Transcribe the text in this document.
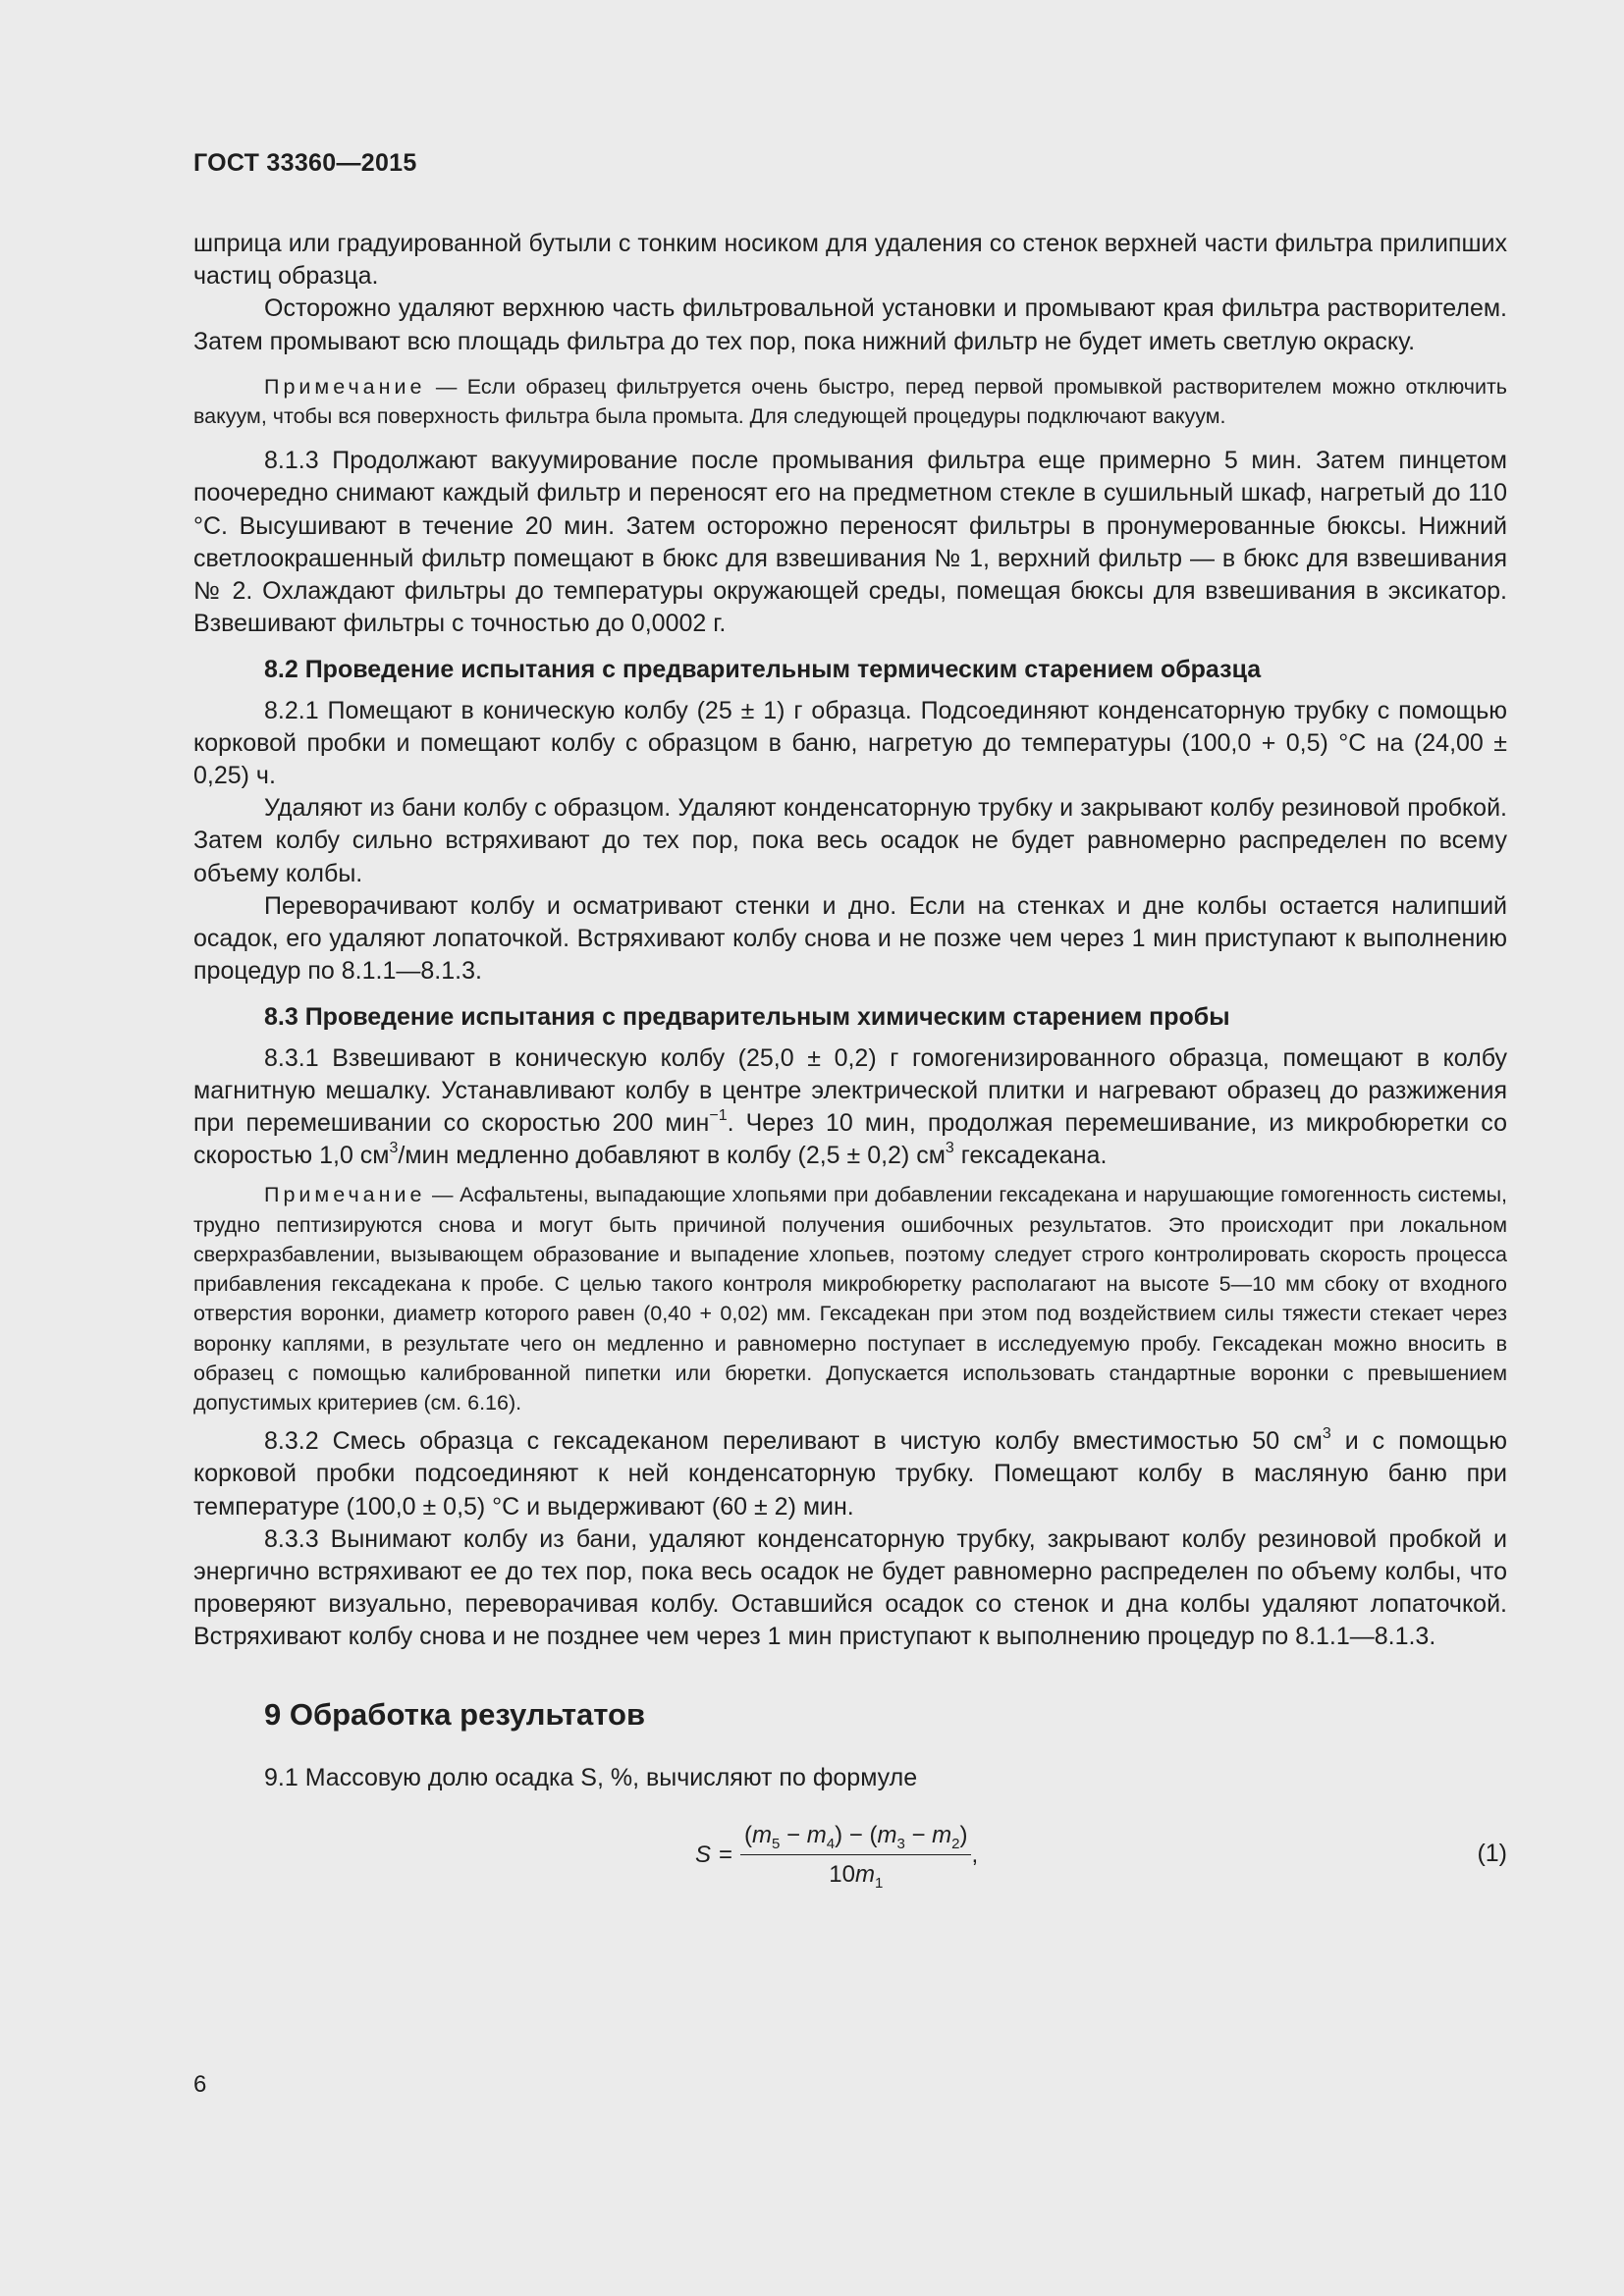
ГОСТ 33360—2015

шприца или градуированной бутыли с тонким носиком для удаления со стенок верхней части фильтра прилипших частиц образца.

Осторожно удаляют верхнюю часть фильтровальной установки и промывают края фильтра растворителем. Затем промывают всю площадь фильтра до тех пор, пока нижний фильтр не будет иметь светлую окраску.

Примечание — Если образец фильтруется очень быстро, перед первой промывкой растворителем можно отключить вакуум, чтобы вся поверхность фильтра была промыта. Для следующей процедуры подключают вакуум.

8.1.3 Продолжают вакуумирование после промывания фильтра еще примерно 5 мин. Затем пинцетом поочередно снимают каждый фильтр и переносят его на предметном стекле в сушильный шкаф, нагретый до 110 °С. Высушивают в течение 20 мин. Затем осторожно переносят фильтры в пронумерованные бюксы. Нижний светлоокрашенный фильтр помещают в бюкс для взвешивания № 1, верхний фильтр — в бюкс для взвешивания № 2. Охлаждают фильтры до температуры окружающей среды, помещая бюксы для взвешивания в эксикатор. Взвешивают фильтры с точностью до 0,0002 г.

8.2 Проведение испытания с предварительным термическим старением образца

8.2.1 Помещают в коническую колбу (25 ± 1) г образца. Подсоединяют конденсаторную трубку с помощью корковой пробки и помещают колбу с образцом в баню, нагретую до температуры (100,0 + 0,5) °С на (24,00 ± 0,25) ч.

Удаляют из бани колбу с образцом. Удаляют конденсаторную трубку и закрывают колбу резиновой пробкой. Затем колбу сильно встряхивают до тех пор, пока весь осадок не будет равномерно распределен по всему объему колбы.

Переворачивают колбу и осматривают стенки и дно. Если на стенках и дне колбы остается налипший осадок, его удаляют лопаточкой. Встряхивают колбу снова и не позже чем через 1 мин приступают к выполнению процедур по 8.1.1—8.1.3.

8.3 Проведение испытания с предварительным химическим старением пробы

8.3.1 Взвешивают в коническую колбу (25,0 ± 0,2) г гомогенизированного образца, помещают в колбу магнитную мешалку. Устанавливают колбу в центре электрической плитки и нагревают образец до разжижения при перемешивании со скоростью 200 мин$^{-1}$. Через 10 мин, продолжая перемешивание, из микробюретки со скоростью 1,0 $см^3$/мин медленно добавляют в колбу (2,5 ± 0,2) $см^3$ гексадекана.

Примечание — Асфальтены, выпадающие хлопьями при добавлении гексадекана и нарушающие гомогенность системы, трудно пептизируются снова и могут быть причиной получения ошибочных результатов. Это происходит при локальном сверхразбавлении, вызывающем образование и выпадение хлопьев, поэтому следует строго контролировать скорость процесса прибавления гексадекана к пробе. С целью такого контроля микробюретку располагают на высоте 5—10 мм сбоку от входного отверстия воронки, диаметр которого равен (0,40 + 0,02) мм. Гексадекан при этом под воздействием силы тяжести стекает через воронку каплями, в результате чего он медленно и равномерно поступает в исследуемую пробу. Гексадекан можно вносить в образец с помощью калиброванной пипетки или бюретки. Допускается использовать стандартные воронки с превышением допустимых критериев (см. 6.16).

8.3.2 Смесь образца с гексадеканом переливают в чистую колбу вместимостью 50 $см^3$ и с помощью корковой пробки подсоединяют к ней конденсаторную трубку. Помещают колбу в масляную баню при температуре (100,0 ± 0,5) °С и выдерживают (60 ± 2) мин.

8.3.3 Вынимают колбу из бани, удаляют конденсаторную трубку, закрывают колбу резиновой пробкой и энергично встряхивают ее до тех пор, пока весь осадок не будет равномерно распределен по объему колбы, что проверяют визуально, переворачивая колбу. Оставшийся осадок со стенок и дна колбы удаляют лопаточкой. Встряхивают колбу снова и не позднее чем через 1 мин приступают к выполнению процедур по 8.1.1—8.1.3.

9 Обработка результатов

9.1 Массовую долю осадка S, %, вычисляют по формуле

$S = \frac{(m_5 - m_4) - (m_3 - m_2)}{10m_1}$ ,	(1)
6
